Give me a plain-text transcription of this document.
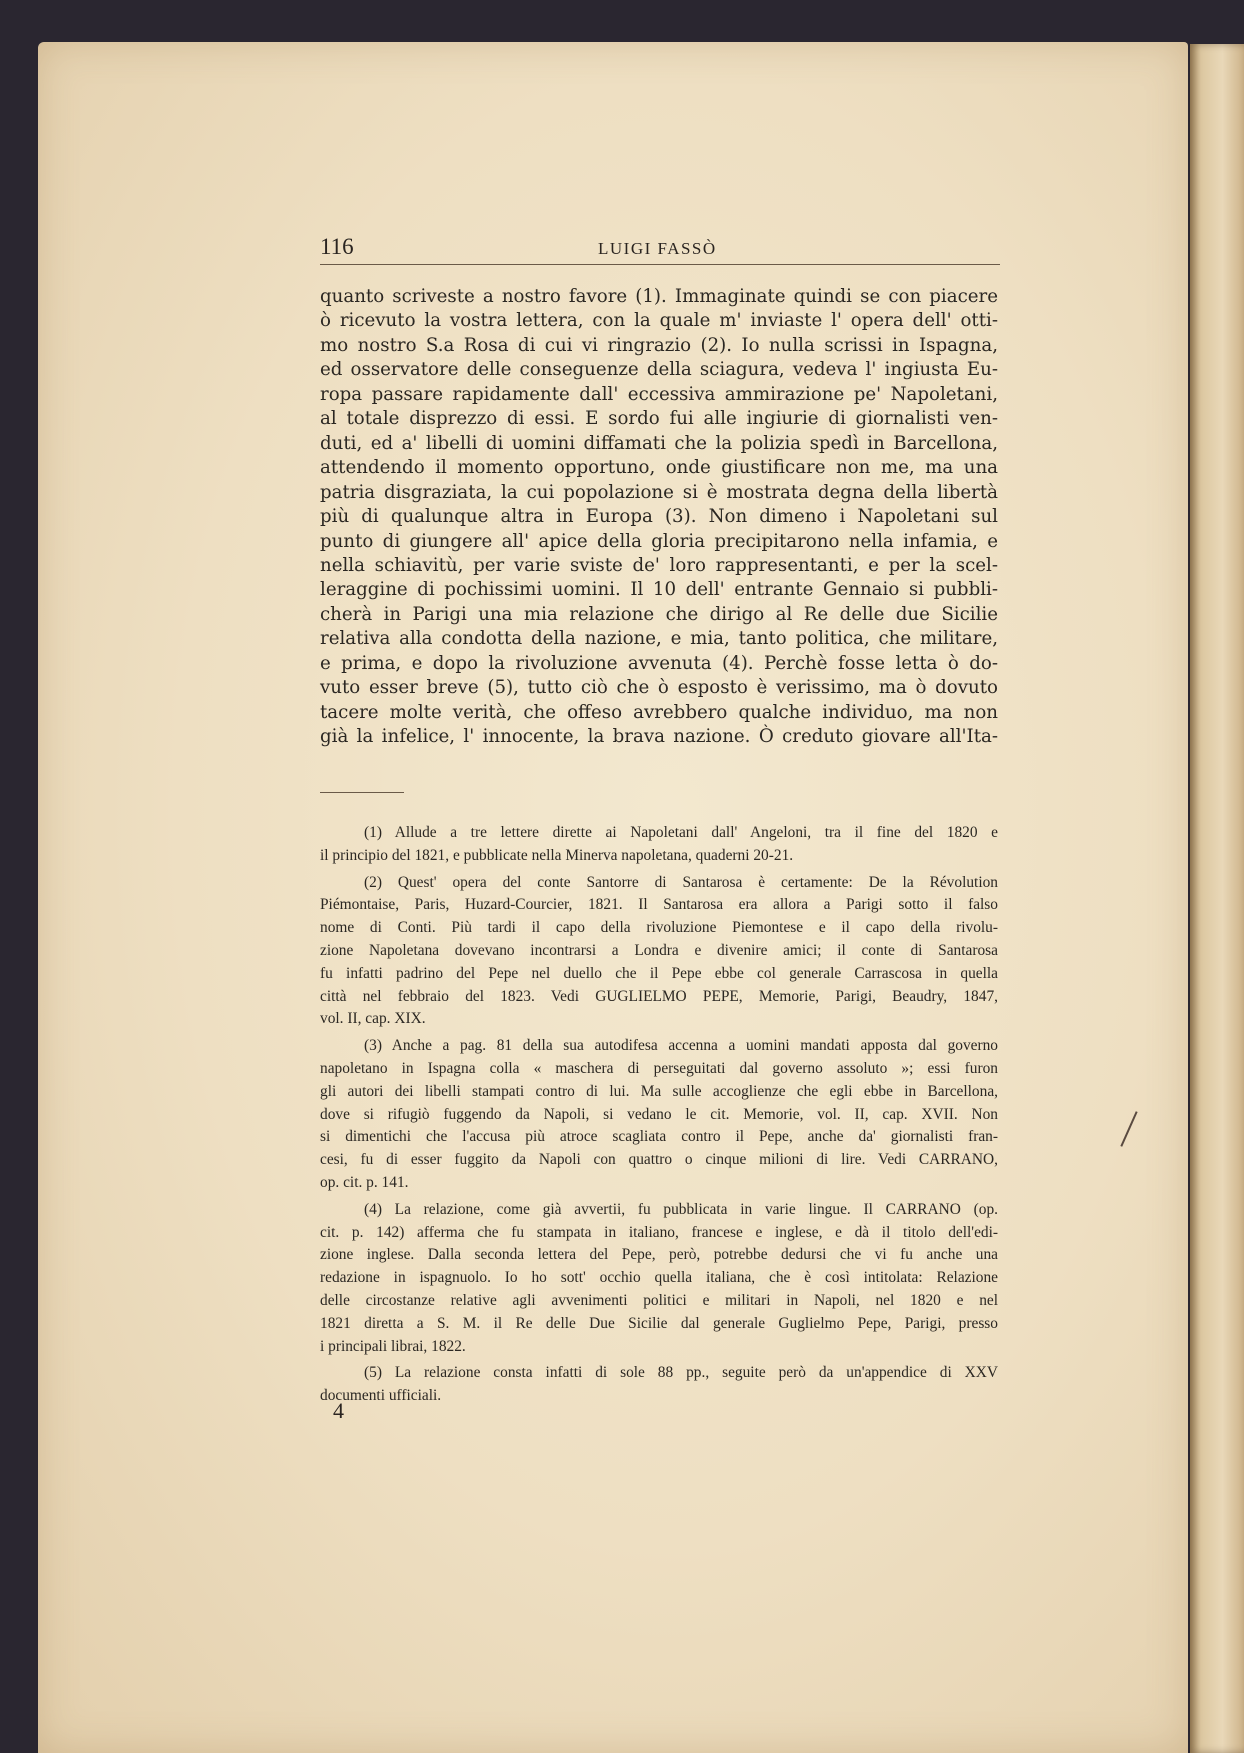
116	LUIGI FASSÒ
quanto scriveste a nostro favore (1). Immaginate quindi se con piacere
ò ricevuto la vostra lettera, con la quale m' inviaste l' opera dell' otti-
mo nostro S.a Rosa di cui vi ringrazio (2). Io nulla scrissi in Ispagna,
ed osservatore delle conseguenze della sciagura, vedeva l' ingiusta Eu-
ropa passare rapidamente dall' eccessiva ammirazione pe' Napoletani,
al totale disprezzo di essi. E sordo fui alle ingiurie di giornalisti ven-
duti, ed a' libelli di uomini diffamati che la polizia spedì in Barcellona,
attendendo il momento opportuno, onde giustificare non me, ma una
patria disgraziata, la cui popolazione si è mostrata degna della libertà
più di qualunque altra in Europa (3). Non dimeno i Napoletani sul
punto di giungere all' apice della gloria precipitarono nella infamia, e
nella schiavitù, per varie sviste de' loro rappresentanti, e per la scel-
leraggine di pochissimi uomini. Il 10 dell' entrante Gennaio si pubbli-
cherà in Parigi una mia relazione che dirigo al Re delle due Sicilie
relativa alla condotta della nazione, e mia, tanto politica, che militare,
e prima, e dopo la rivoluzione avvenuta (4). Perchè fosse letta ò do-
vuto esser breve (5), tutto ciò che ò esposto è verissimo, ma ò dovuto
tacere molte verità, che offeso avrebbero qualche individuo, ma non
già la infelice, l' innocente, la brava nazione. Ò creduto giovare all'Ita-
(1) Allude a tre lettere dirette ai Napoletani dall' Angeloni, tra il fine del 1820 e
il principio del 1821, e pubblicate nella Minerva napoletana, quaderni 20-21.
(2) Quest' opera del conte Santorre di Santarosa è certamente: De la Révolution
Piémontaise, Paris, Huzard-Courcier, 1821. Il Santarosa era allora a Parigi sotto il falso
nome di Conti. Più tardi il capo della rivoluzione Piemontese e il capo della rivolu-
zione Napoletana dovevano incontrarsi a Londra e divenire amici; il conte di Santarosa
fu infatti padrino del Pepe nel duello che il Pepe ebbe col generale Carrascosa in quella
città nel febbraio del 1823. Vedi GUGLIELMO PEPE, Memorie, Parigi, Beaudry, 1847,
vol. II, cap. XIX.
(3) Anche a pag. 81 della sua autodifesa accenna a uomini mandati apposta dal governo
napoletano in Ispagna colla « maschera di perseguitati dal governo assoluto »; essi furon
gli autori dei libelli stampati contro di lui. Ma sulle accoglienze che egli ebbe in Barcellona,
dove si rifugiò fuggendo da Napoli, si vedano le cit. Memorie, vol. II, cap. XVII. Non
si dimentichi che l'accusa più atroce scagliata contro il Pepe, anche da' giornalisti fran-
cesi, fu di esser fuggito da Napoli con quattro o cinque milioni di lire. Vedi CARRANO,
op. cit. p. 141.
(4) La relazione, come già avvertii, fu pubblicata in varie lingue. Il CARRANO (op.
cit. p. 142) afferma che fu stampata in italiano, francese e inglese, e dà il titolo dell'edi-
zione inglese. Dalla seconda lettera del Pepe, però, potrebbe dedursi che vi fu anche una
redazione in ispagnuolo. Io ho sott' occhio quella italiana, che è così intitolata: Relazione
delle circostanze relative agli avvenimenti politici e militari in Napoli, nel 1820 e nel
1821 diretta a S. M. il Re delle Due Sicilie dal generale Guglielmo Pepe, Parigi, presso
i principali librai, 1822.
(5) La relazione consta infatti di sole 88 pp., seguite però da un'appendice di XXV
documenti ufficiali.
4
